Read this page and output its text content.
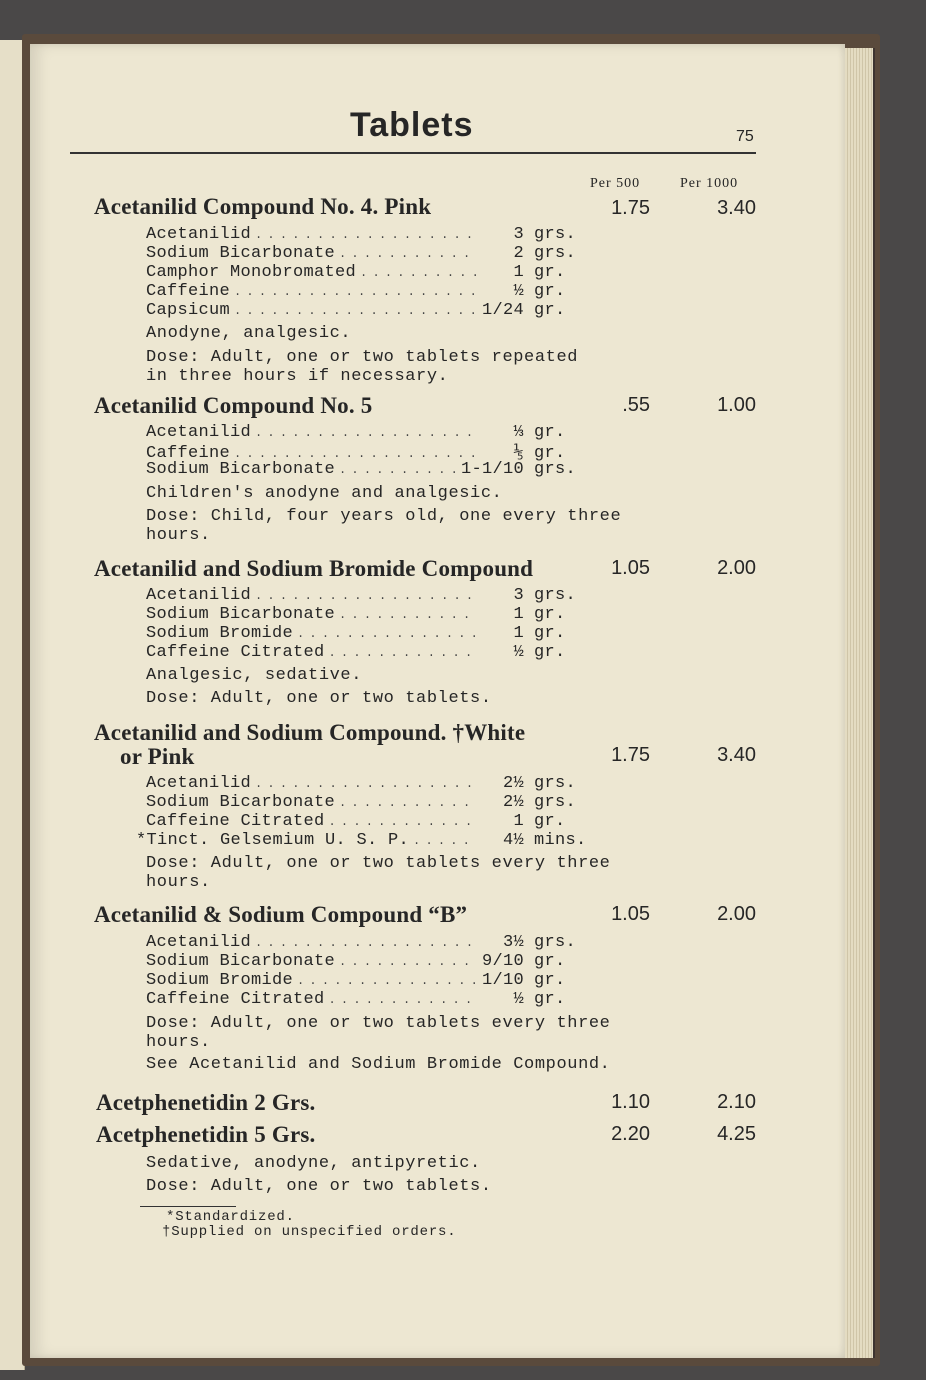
Tablets	75
Per 500	Per 1000
Acetanilid Compound No. 4. Pink	1.75	3.40
Acetanilid . . .	3 grs.
Sodium Bicarbonate . . .	2 grs.
Camphor Monobromated . . .	1 gr.
Caffeine . . .	½ gr.
Capsicum . . .	1/24 gr.
Anodyne, analgesic.
Dose: Adult, one or two tablets repeated
in three hours if necessary.
Acetanilid Compound No. 5	.55	1.00
Acetanilid . . .	⅓ gr.
Caffeine . . .	⅕ gr.
Sodium Bicarbonate . . .	1-1/10 grs.
Children's anodyne and analgesic.
Dose: Child, four years old, one every three
hours.
Acetanilid and Sodium Bromide Compound	1.05	2.00
Acetanilid . . .	3 grs.
Sodium Bicarbonate . . .	1 gr.
Sodium Bromide . . .	1 gr.
Caffeine Citrated . . .	½ gr.
Analgesic, sedative.
Dose: Adult, one or two tablets.
Acetanilid and Sodium Compound. †White
or Pink	1.75	3.40
Acetanilid . . .	2½ grs.
Sodium Bicarbonate . . .	2½ grs.
Caffeine Citrated . . .	1 gr.
*Tinct. Gelsemium U. S. P. . . .	4½ mins.
Dose: Adult, one or two tablets every three
hours.
Acetanilid & Sodium Compound “B”	1.05	2.00
Acetanilid . . .	3½ grs.
Sodium Bicarbonate . . .	9/10 gr.
Sodium Bromide . . .	1/10 gr.
Caffeine Citrated . . .	½ gr.
Dose: Adult, one or two tablets every three
hours.
See Acetanilid and Sodium Bromide Compound.
Acetphenetidin 2 Grs.	1.10	2.10
Acetphenetidin 5 Grs.	2.20	4.25
Sedative, anodyne, antipyretic.
Dose: Adult, one or two tablets.
*Standardized.
†Supplied on unspecified orders.
